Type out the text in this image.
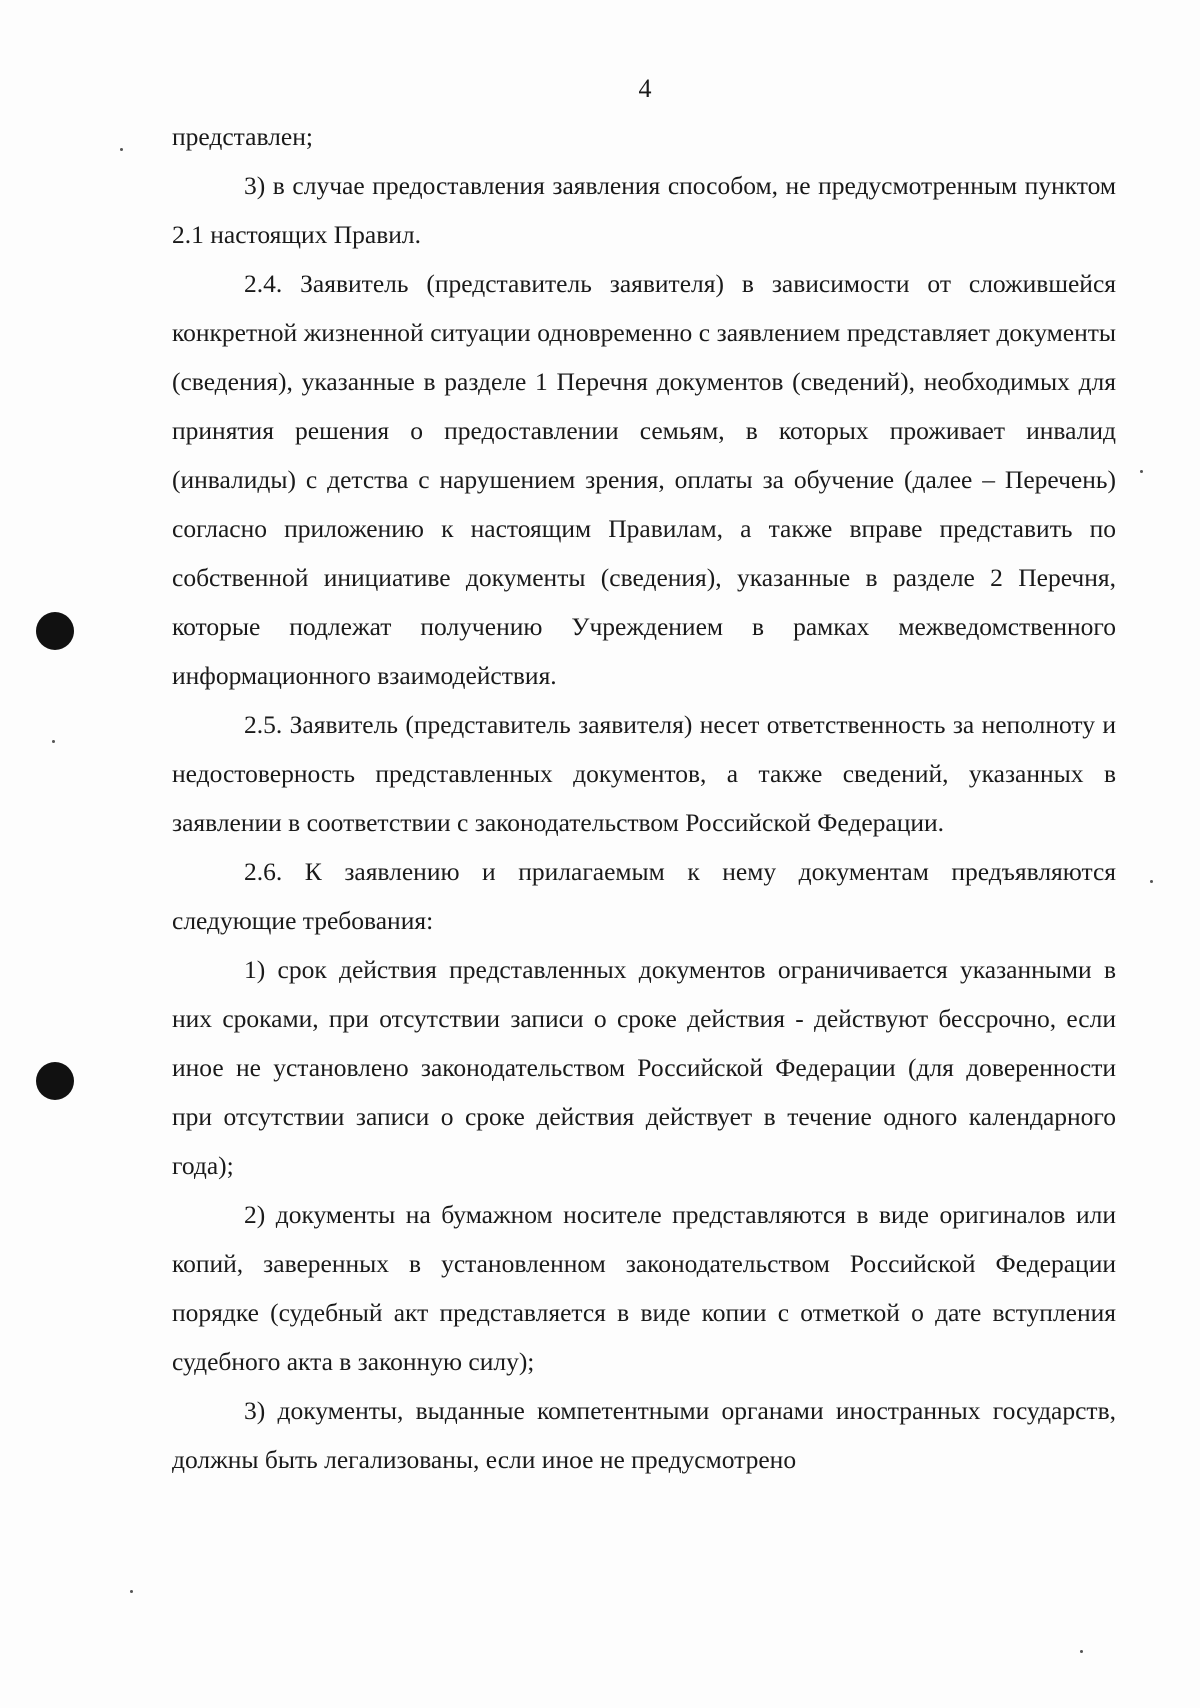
4

представлен;

3) в случае предоставления заявления способом, не предусмотренным пунктом 2.1 настоящих Правил.

2.4. Заявитель (представитель заявителя) в зависимости от сложившейся конкретной жизненной ситуации одновременно с заявлением представляет документы (сведения), указанные в разделе 1 Перечня документов (сведений), необходимых для принятия решения о предоставлении семьям, в которых проживает инвалид (инвалиды) с детства с нарушением зрения, оплаты за обучение (далее – Перечень) согласно приложению к настоящим Правилам, а также вправе представить по собственной инициативе документы (сведения), указанные в разделе 2 Перечня, которые подлежат получению Учреждением в рамках межведомственного информационного взаимодействия.

2.5. Заявитель (представитель заявителя) несет ответственность за неполноту и недостоверность представленных документов, а также сведений, указанных в заявлении в соответствии с законодательством Российской Федерации.

2.6. К заявлению и прилагаемым к нему документам предъявляются следующие требования:

1) срок действия представленных документов ограничивается указанными в них сроками, при отсутствии записи о сроке действия - действуют бессрочно, если иное не установлено законодательством Российской Федерации (для доверенности при отсутствии записи о сроке действия действует в течение одного календарного года);

2) документы на бумажном носителе представляются в виде оригиналов или копий, заверенных в установленном законодательством Российской Федерации порядке (судебный акт представляется в виде копии с отметкой о дате вступления судебного акта в законную силу);

3) документы, выданные компетентными органами иностранных государств, должны быть легализованы, если иное не предусмотрено
